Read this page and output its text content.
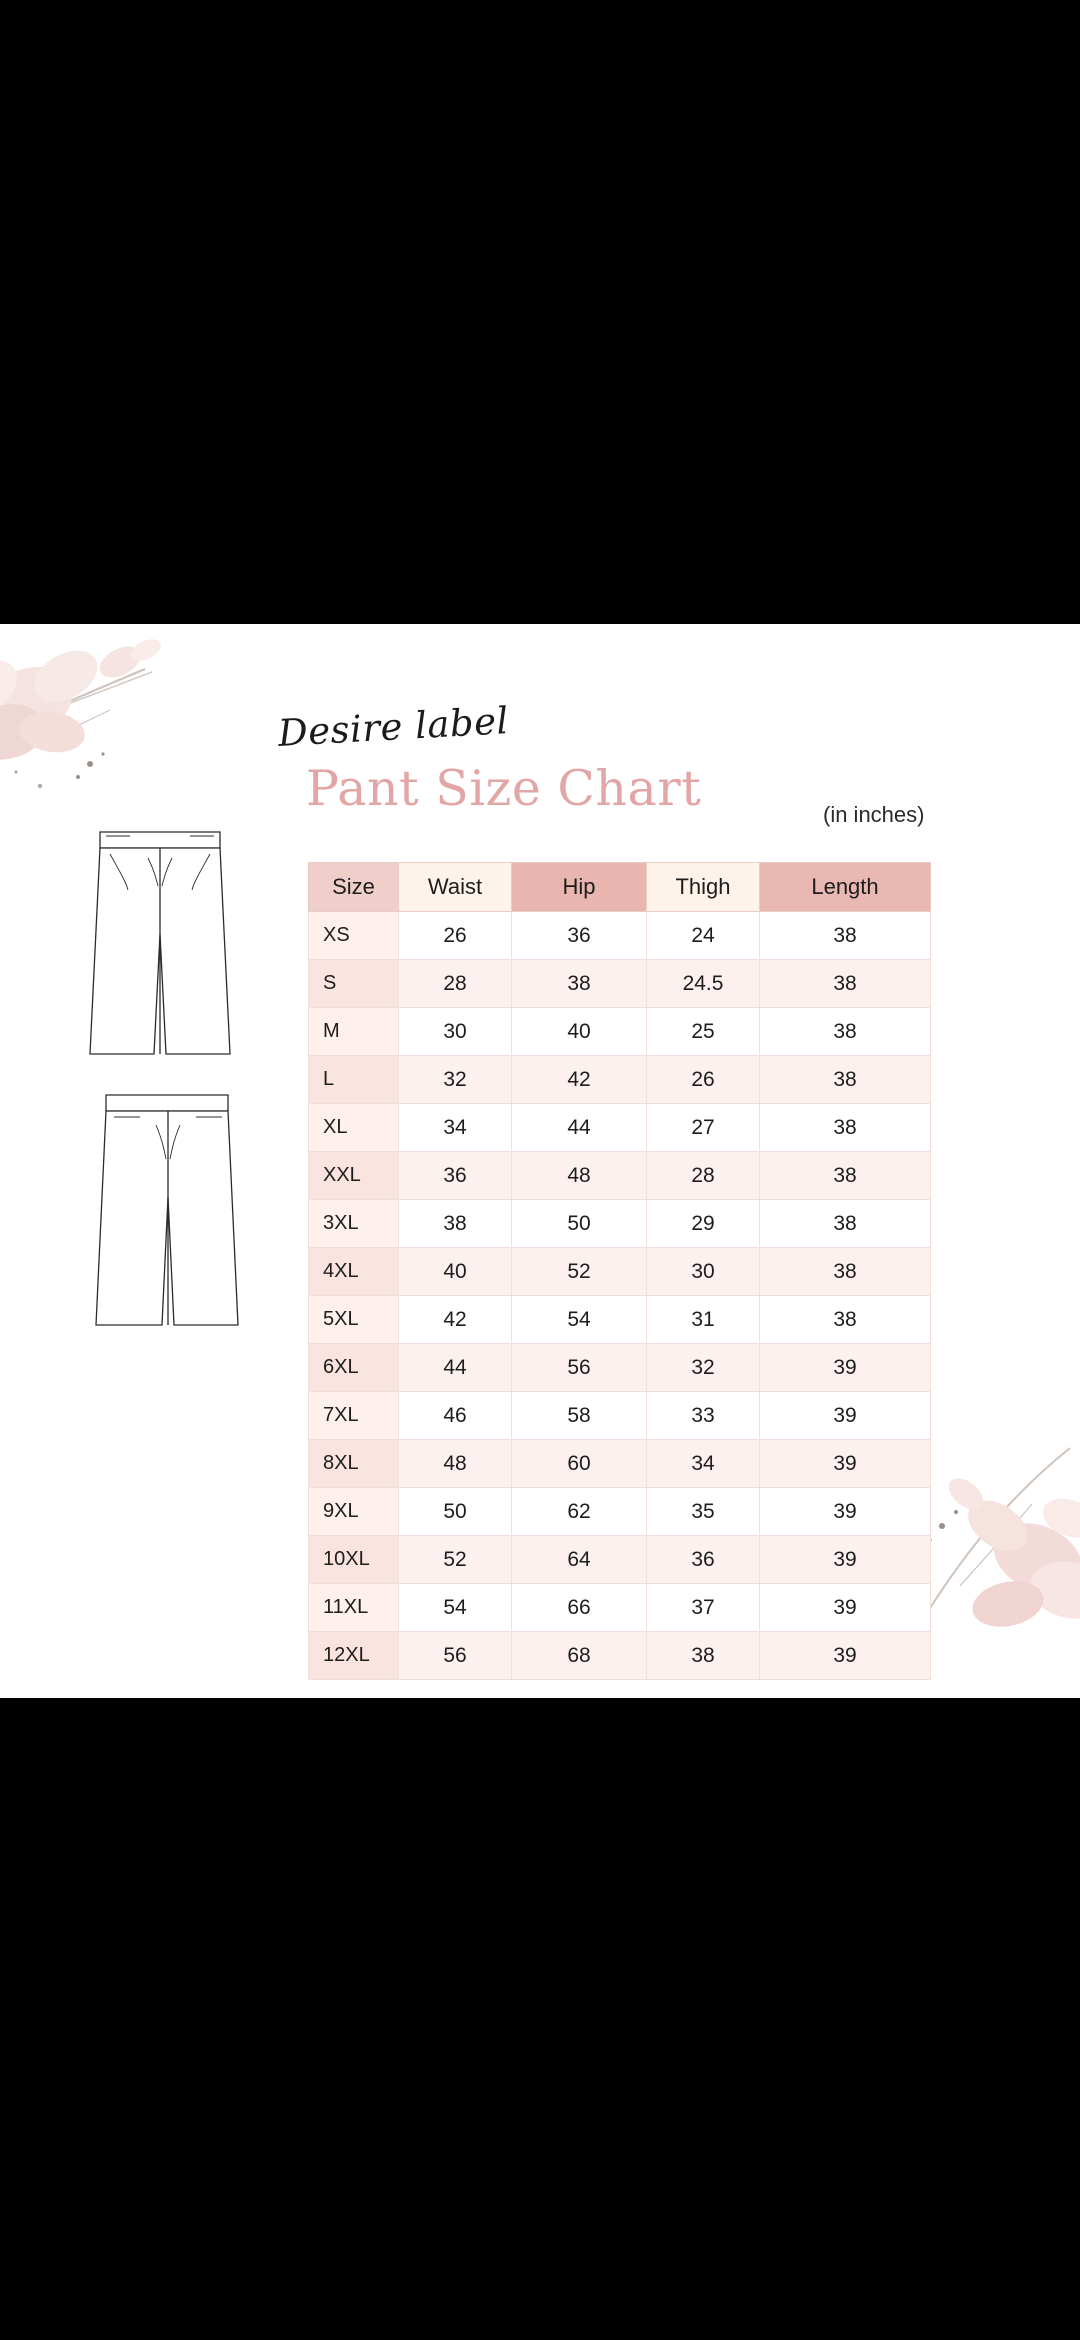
Desire label
Pant Size Chart	(in inches)
Size	Waist	Hip	Thigh	Length
XS	26	36	24	38
S	28	38	24.5	38
M	30	40	25	38
L	32	42	26	38
XL	34	44	27	38
XXL	36	48	28	38
3XL	38	50	29	38
4XL	40	52	30	38
5XL	42	54	31	38
6XL	44	56	32	39
7XL	46	58	33	39
8XL	48	60	34	39
9XL	50	62	35	39
10XL	52	64	36	39
11XL	54	66	37	39
12XL	56	68	38	39
